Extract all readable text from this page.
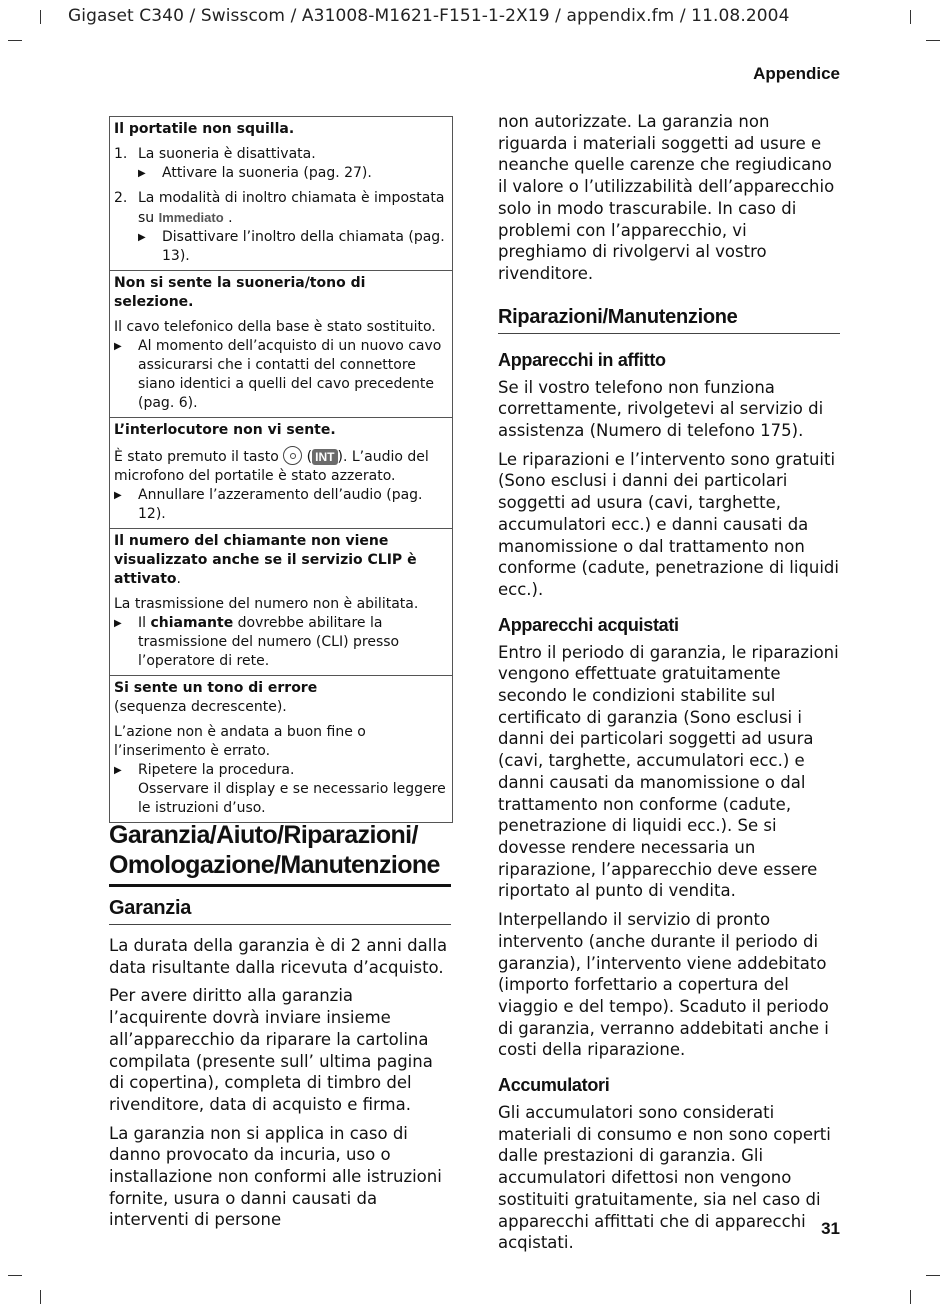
Gigaset C340 / Swisscom / A31008-M1621-F151-1-2X19 / appendix.fm / 11.08.2004
Appendice
Il portatile non squilla.
1. La suoneria è disattivata.
▶	Attivare la suoneria (pag. 27).
2. La modalità di inoltro chiamata è impostata su Immediato .
▶	Disattivare l’inoltro della chiamata (pag. 13).
Non si sente la suoneria/tono di selezione.

Il cavo telefonico della base è stato sostituito.

▶	Al momento dell’acquisto di un nuovo cavo assicurarsi che i contatti del connettore siano identici a quelli del cavo precedente (pag. 6).
L’interlocutore non vi sente.

È stato premuto il tasto  ( INT ). L’audio del microfono del portatile è stato azzerato.

▶	Annullare l’azzeramento dell’audio (pag. 12).
Il numero del chiamante non viene visualizzato anche se il servizio CLIP è attivato.

La trasmissione del numero non è abilitata.

▶	Il chiamante dovrebbe abilitare la trasmissione del numero (CLI) presso l’operatore di rete.
Si sente un tono di errore

(sequenza decrescente).

L’azione non è andata a buon fine o l’inserimento è errato.

▶	Ripetere la procedura.
Osservare il display e se necessario leggere le istruzioni d’uso.
Garanzia/Aiuto/Riparazioni/ Omologazione/Manutenzione
Garanzia

La durata della garanzia è di 2 anni dalla data risultante dalla ricevuta d’acquisto.

Per avere diritto alla garanzia l’acquirente dovrà inviare insieme all’apparecchio da riparare la cartolina compilata (presente sull’ ultima pagina di copertina), completa di timbro del rivenditore, data di acquisto e firma.

La garanzia non si applica in caso di danno provocato da incuria, uso o installazione non conformi alle istruzioni fornite, usura o danni causati da interventi di persone

non autorizzate. La garanzia non riguarda i materiali soggetti ad usure e neanche quelle carenze che regiudicano il valore o l’utilizzabilità dell’apparecchio solo in modo trascurabile. In caso di problemi con l’apparecchio, vi preghiamo di rivolgervi al vostro rivenditore.

Riparazioni/Manutenzione
Apparecchi in affitto

Se il vostro telefono non funziona correttamente, rivolgetevi al servizio di assistenza (Numero di telefono 175).

Le riparazioni e l’intervento sono gratuiti (Sono esclusi i danni dei particolari soggetti ad usura (cavi, targhette, accumulatori ecc.) e danni causati da manomissione o dal trattamento non conforme (cadute, penetrazione di liquidi ecc.).

Apparecchi acquistati

Entro il periodo di garanzia, le riparazioni vengono effettuate gratuitamente secondo le condizioni stabilite sul certificato di garanzia (Sono esclusi i danni dei particolari soggetti ad usura (cavi, targhette, accumulatori ecc.) e danni causati da manomissione o dal trattamento non conforme (cadute, penetrazione di liquidi ecc.). Se si dovesse rendere necessaria un riparazione, l’apparecchio deve essere riportato al punto di vendita.

Interpellando il servizio di pronto intervento (anche durante il periodo di garanzia), l’intervento viene addebitato (importo forfettario a copertura del viaggio e del tempo). Scaduto il periodo di garanzia, verranno addebitati anche i costi della riparazione.

Accumulatori

Gli accumulatori sono considerati materiali di consumo e non sono coperti dalle prestazioni di garanzia. Gli accumulatori difettosi non vengono sostituiti gratuitamente, sia nel caso di apparecchi affittati che di apparecchi acqistati.

31
